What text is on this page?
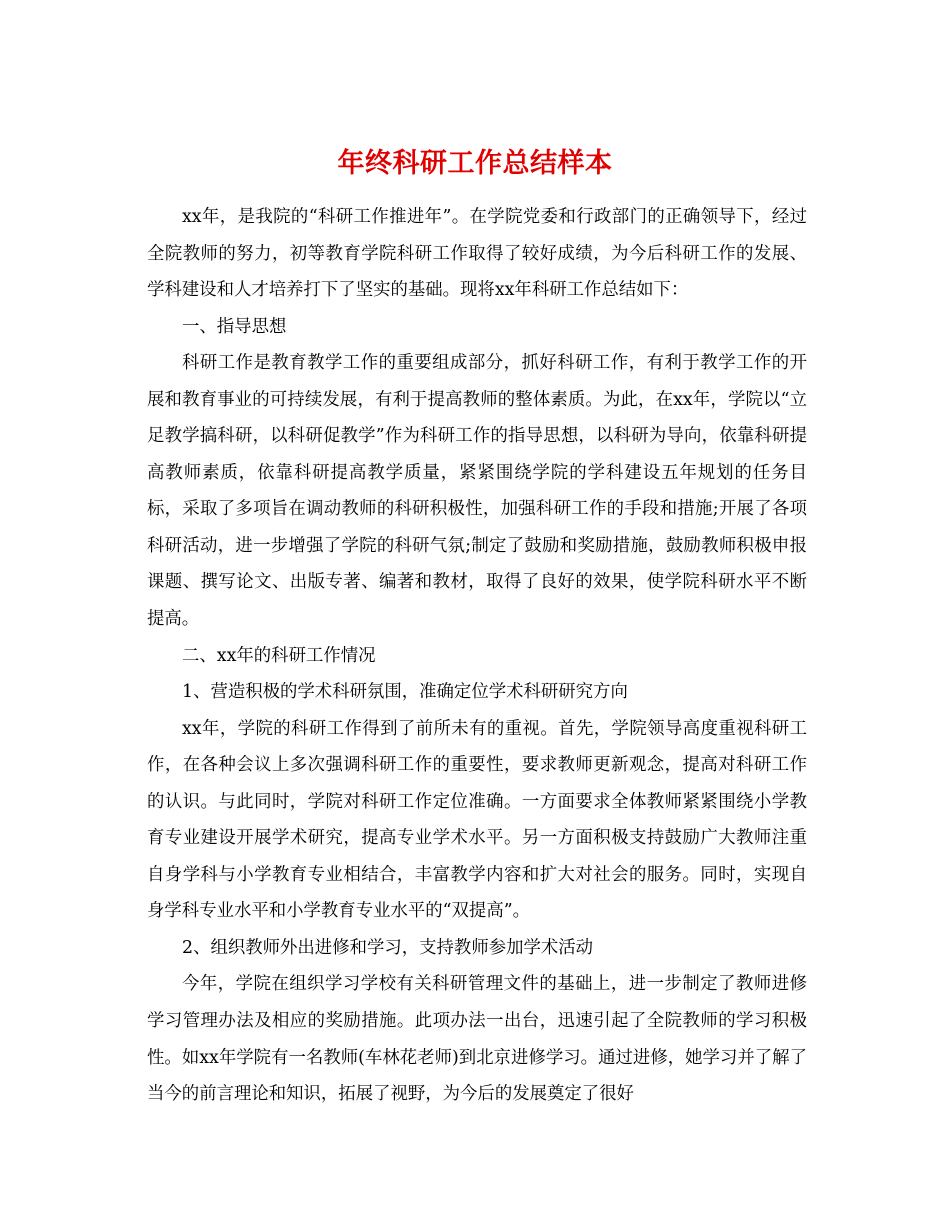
年终科研工作总结样本

xx年，是我院的“科研工作推进年”。在学院党委和行政部门的正确领导下，经过全院教师的努力，初等教育学院科研工作取得了较好成绩，为今后科研工作的发展、学科建设和人才培养打下了坚实的基础。现将xx年科研工作总结如下：

一、指导思想

科研工作是教育教学工作的重要组成部分，抓好科研工作，有利于教学工作的开展和教育事业的可持续发展，有利于提高教师的整体素质。为此，在xx年，学院以“立足教学搞科研，以科研促教学”作为科研工作的指导思想，以科研为导向，依靠科研提高教师素质，依靠科研提高教学质量，紧紧围绕学院的学科建设五年规划的任务目标，采取了多项旨在调动教师的科研积极性，加强科研工作的手段和措施;开展了各项科研活动，进一步增强了学院的科研气氛;制定了鼓励和奖励措施，鼓励教师积极申报课题、撰写论文、出版专著、编著和教材，取得了良好的效果，使学院科研水平不断提高。

二、xx年的科研工作情况

1、营造积极的学术科研氛围，准确定位学术科研研究方向

xx年，学院的科研工作得到了前所未有的重视。首先，学院领导高度重视科研工作，在各种会议上多次强调科研工作的重要性，要求教师更新观念，提高对科研工作的认识。与此同时，学院对科研工作定位准确。一方面要求全体教师紧紧围绕小学教育专业建设开展学术研究，提高专业学术水平。另一方面积极支持鼓励广大教师注重自身学科与小学教育专业相结合，丰富教学内容和扩大对社会的服务。同时，实现自身学科专业水平和小学教育专业水平的“双提高”。

2、组织教师外出进修和学习，支持教师参加学术活动

今年，学院在组织学习学校有关科研管理文件的基础上，进一步制定了教师进修学习管理办法及相应的奖励措施。此项办法一出台，迅速引起了全院教师的学习积极性。如xx年学院有一名教师(车林花老师)到北京进修学习。通过进修，她学习并了解了当今的前言理论和知识，拓展了视野，为今后的发展奠定了很好
